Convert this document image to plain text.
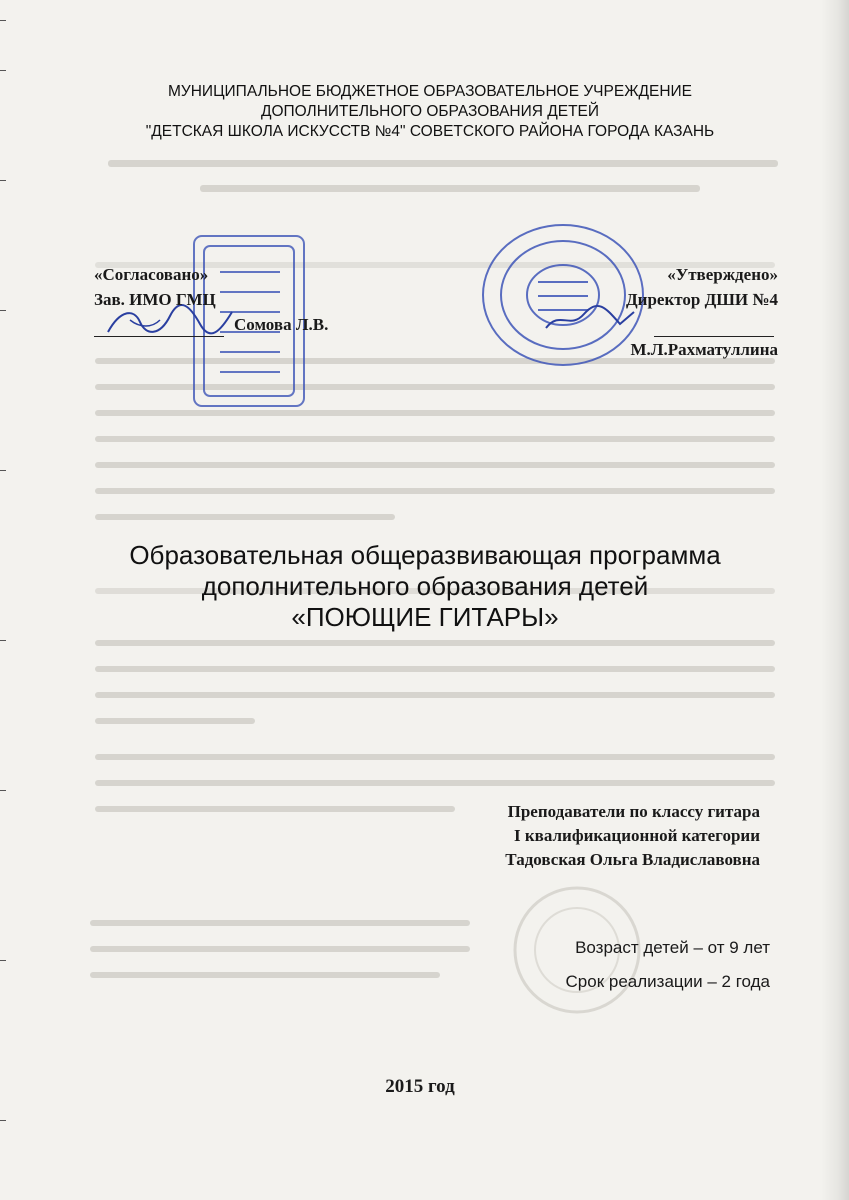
МУНИЦИПАЛЬНОЕ БЮДЖЕТНОЕ ОБРАЗОВАТЕЛЬНОЕ УЧРЕЖДЕНИЕ
ДОПОЛНИТЕЛЬНОГО ОБРАЗОВАНИЯ ДЕТЕЙ
"ДЕТСКАЯ ШКОЛА ИСКУССТВ №4" СОВЕТСКОГО РАЙОНА ГОРОДА КАЗАНЬ
«Согласовано»
Зав. ИМО ГМЦ
Сомова Л.В.
«Утверждено»
Директор ДШИ №4
М.Л.Рахматуллина
Образовательная общеразвивающая программа
дополнительного образования детей
«ПОЮЩИЕ ГИТАРЫ»
Преподаватели по классу гитара
I квалификационной категории
Тадовская Ольга Владиславовна
Возраст детей – от 9 лет
Срок реализации – 2 года
2015 год
